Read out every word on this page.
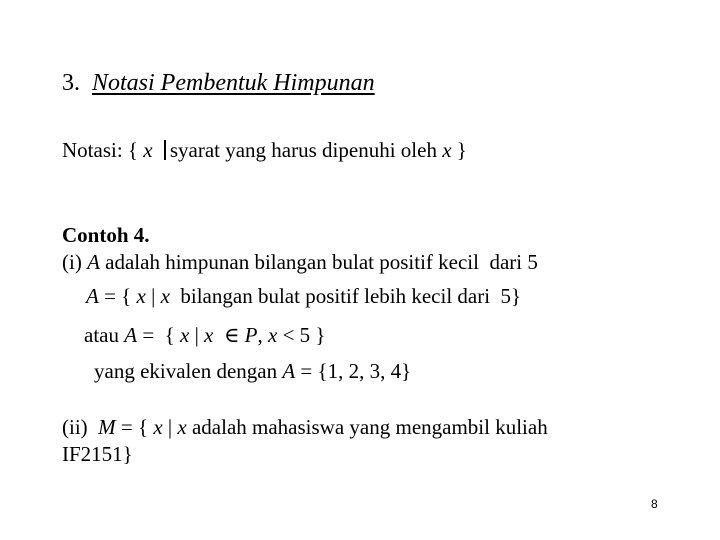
3. Notasi Pembentuk Himpunan
Notasi: { x syarat yang harus dipenuhi oleh x }
Contoh 4.
(i) A adalah himpunan bilangan bulat positif kecil  dari 5
A = { x | x bilangan bulat positif lebih kecil dari  5}
atau A =  { x | x ∈ P, x < 5 }
yang ekivalen dengan A = {1, 2, 3, 4}
(ii) M = { x | x adalah mahasiswa yang mengambil kuliah
IF2151}
8
